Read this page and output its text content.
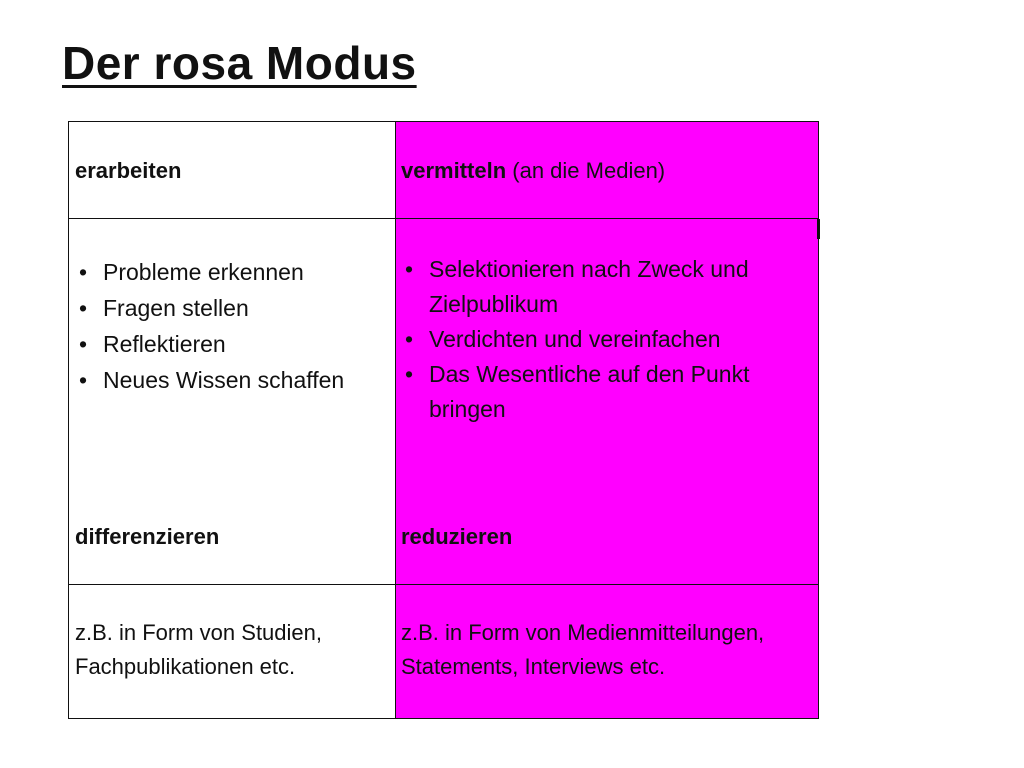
Der rosa Modus
erarbeiten	vermitteln (an die Medien)
• Probleme erkennen
• Fragen stellen
• Reflektieren
• Neues Wissen schaffen
• Selektionieren nach Zweck und Zielpublikum
• Verdichten und vereinfachen
• Das Wesentliche auf den Punkt bringen
differenzieren	reduzieren
z.B. in Form von Studien, Fachpublikationen etc.
z.B. in Form von Medienmitteilungen, Statements, Interviews etc.
